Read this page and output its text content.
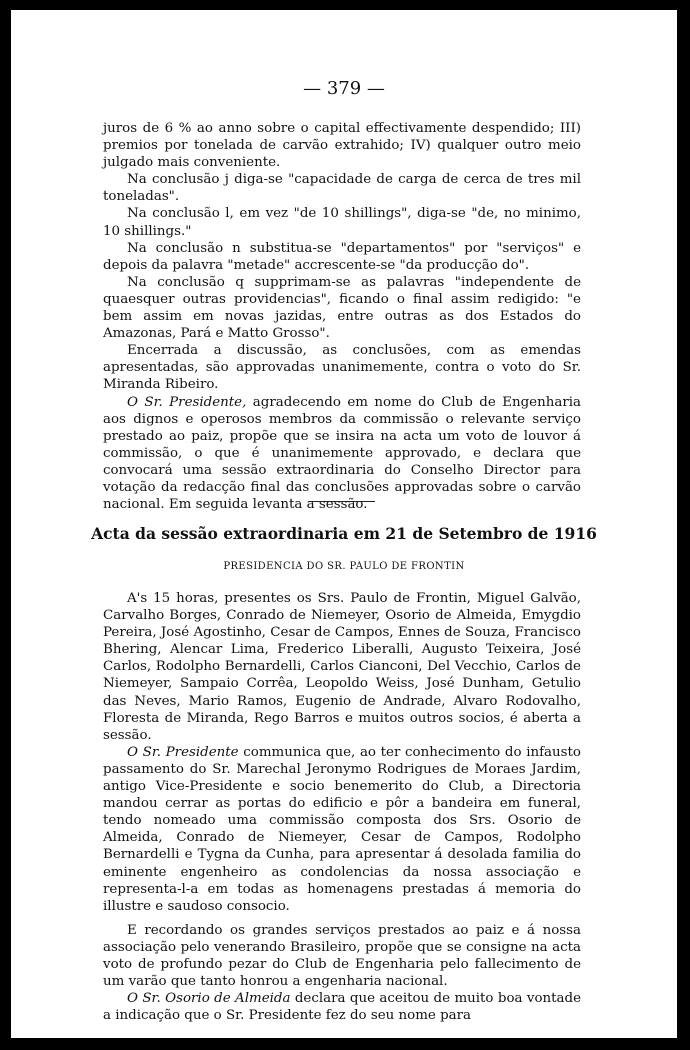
— 379 —

juros de 6 % ao anno sobre o capital effectivamente despendido; III) premios por tonelada de carvão extrahido; IV) qualquer outro meio julgado mais conveniente.

Na conclusão j diga-se "capacidade de carga de cerca de tres mil toneladas".

Na conclusão l, em vez "de 10 shillings", diga-se "de, no minimo, 10 shillings."

Na conclusão n substitua-se "departamentos" por "serviços" e depois da palavra "metade" accrescente-se "da producção do".

Na conclusão q supprimam-se as palavras "independente de quaesquer outras providencias", ficando o final assim redigido: "e bem assim em novas jazidas, entre outras as dos Estados do Amazonas, Pará e Matto Grosso".

Encerrada a discussão, as conclusões, com as emendas apresentadas, são approvadas unanimemente, contra o voto do Sr. Miranda Ribeiro.

O Sr. Presidente, agradecendo em nome do Club de Engenharia aos dignos e operosos membros da commissão o relevante serviço prestado ao paiz, propõe que se insira na acta um voto de louvor á commissão, o que é unanimemente approvado, e declara que convocará uma sessão extraordinaria do Conselho Director para votação da redacção final das conclusões approvadas sobre o carvão nacional. Em seguida levanta a sessão.

Acta da sessão extraordinaria em 21 de Setembro de 1916
PRESIDENCIA DO SR. PAULO DE FRONTIN

A's 15 horas, presentes os Srs. Paulo de Frontin, Miguel Galvão, Carvalho Borges, Conrado de Niemeyer, Osorio de Almeida, Emygdio Pereira, José Agostinho, Cesar de Campos, Ennes de Souza, Francisco Bhering, Alencar Lima, Frederico Liberalli, Augusto Teixeira, José Carlos, Rodolpho Bernardelli, Carlos Cianconi, Del Vecchio, Carlos de Niemeyer, Sampaio Corrêa, Leopoldo Weiss, José Dunham, Getulio das Neves, Mario Ramos, Eugenio de Andrade, Alvaro Rodovalho, Floresta de Miranda, Rego Barros e muitos outros socios, é aberta a sessão.

O Sr. Presidente communica que, ao ter conhecimento do infausto passamento do Sr. Marechal Jeronymo Rodrigues de Moraes Jardim, antigo Vice-Presidente e socio benemerito do Club, a Directoria mandou cerrar as portas do edificio e pôr a bandeira em funeral, tendo nomeado uma commissão composta dos Srs. Osorio de Almeida, Conrado de Niemeyer, Cesar de Campos, Rodolpho Bernardelli e Tygna da Cunha, para apresentar á desolada familia do eminente engenheiro as condolencias da nossa associação e representa-l-a em todas as homenagens prestadas á memoria do illustre e saudoso consocio.

E recordando os grandes serviços prestados ao paiz e á nossa associação pelo venerando Brasileiro, propõe que se consigne na acta voto de profundo pezar do Club de Engenharia pelo fallecimento de um varão que tanto honrou a engenharia nacional.

O Sr. Osorio de Almeida declara que aceitou de muito boa vontade a indicação que o Sr. Presidente fez do seu nome para
